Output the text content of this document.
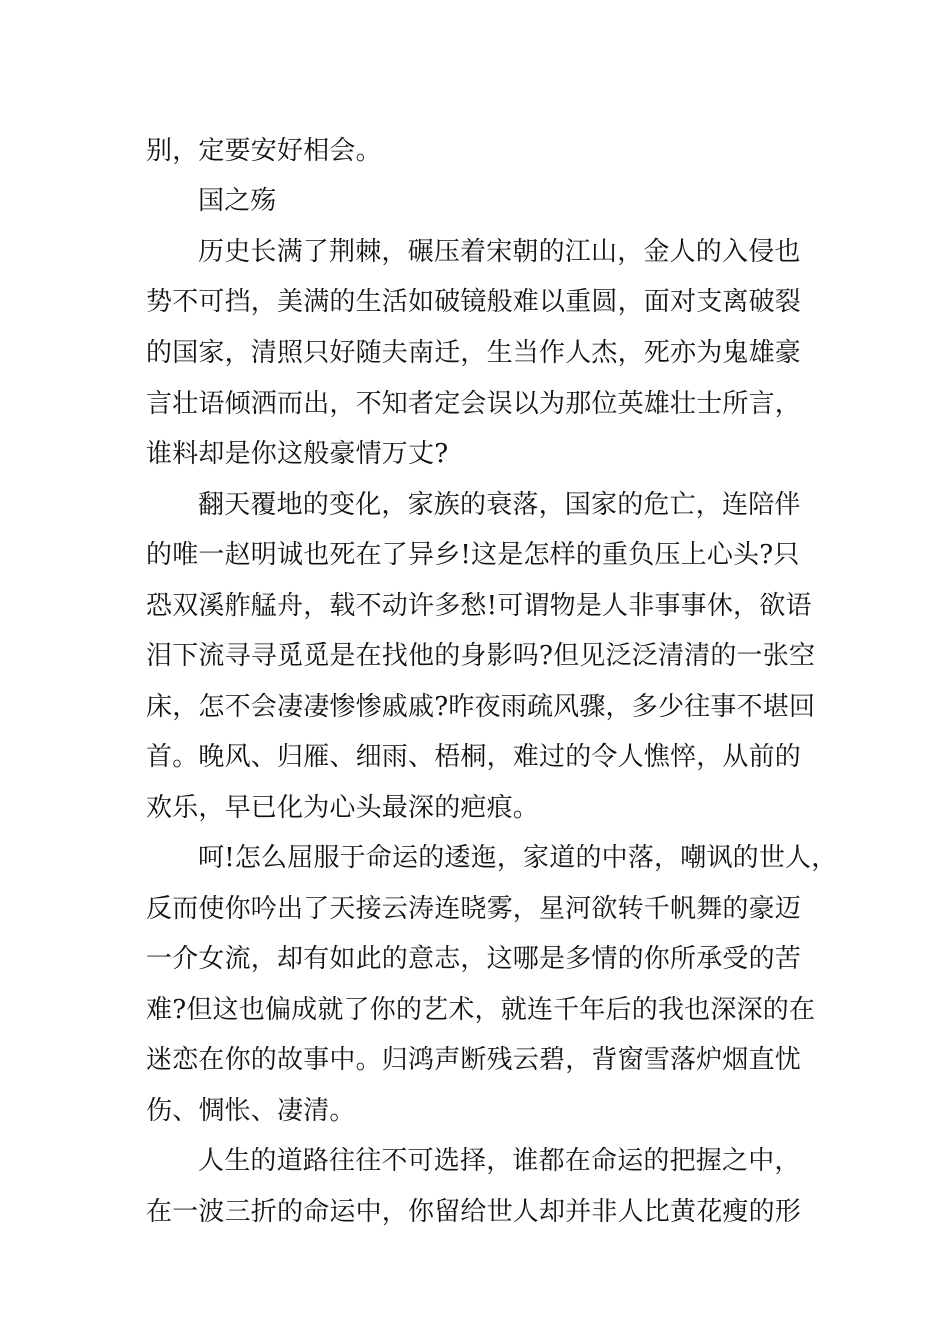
别，定要安好相会。
国之殇
历史长满了荆棘，碾压着宋朝的江山，金人的入侵也
势不可挡，美满的生活如破镜般难以重圆，面对支离破裂
的国家，清照只好随夫南迁，生当作人杰，死亦为鬼雄豪
言壮语倾洒而出，不知者定会误以为那位英雄壮士所言，
谁料却是你这般豪情万丈?
翻天覆地的变化，家族的衰落，国家的危亡，连陪伴
的唯一赵明诚也死在了异乡!这是怎样的重负压上心头?只
恐双溪舴艋舟，载不动许多愁!可谓物是人非事事休，欲语
泪下流寻寻觅觅是在找他的身影吗?但见泛泛清清的一张空
床，怎不会凄凄惨惨戚戚?昨夜雨疏风骤，多少往事不堪回
首。晚风、归雁、细雨、梧桐，难过的令人憔悴，从前的
欢乐，早已化为心头最深的疤痕。
呵!怎么屈服于命运的逶迤，家道的中落，嘲讽的世人，
反而使你吟出了天接云涛连晓雾，星河欲转千帆舞的豪迈
一介女流，却有如此的意志，这哪是多情的你所承受的苦
难?但这也偏成就了你的艺术，就连千年后的我也深深的在
迷恋在你的故事中。归鸿声断残云碧，背窗雪落炉烟直忧
伤、惆怅、凄清。
人生的道路往往不可选择，谁都在命运的把握之中，
在一波三折的命运中，你留给世人却并非人比黄花瘦的形
